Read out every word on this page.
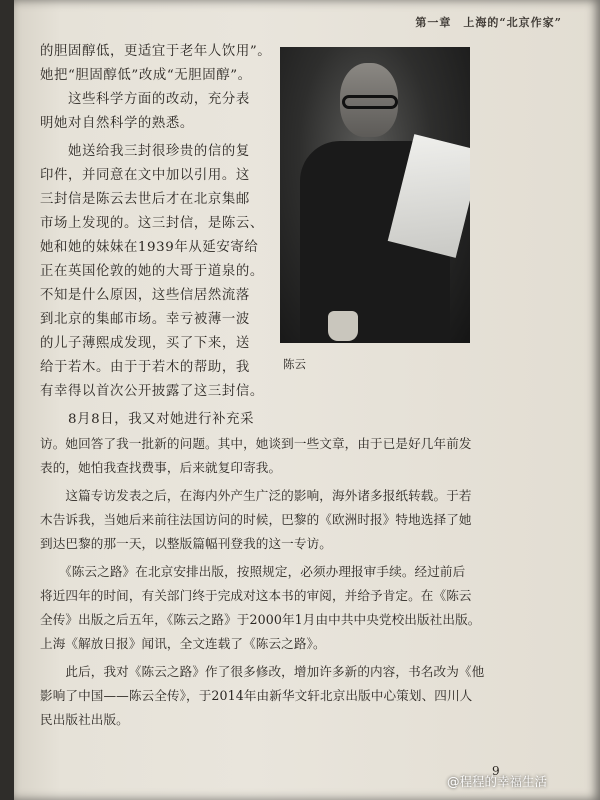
第一章　上海的“北京作家”
陈云
的胆固醇低，更适宜于老年人饮用”。
她把“胆固醇低”改成“无胆固醇”。
　　这些科学方面的改动，充分表
明她对自然科学的熟悉。
　　她送给我三封很珍贵的信的复
印件，并同意在文中加以引用。这
三封信是陈云去世后才在北京集邮
市场上发现的。这三封信，是陈云、
她和她的妹妹在1939年从延安寄给
正在英国伦敦的她的大哥于道泉的。
不知是什么原因，这些信居然流落
到北京的集邮市场。幸亏被薄一波
的儿子薄熙成发现，买了下来，送
给于若木。由于于若木的帮助，我
有幸得以首次公开披露了这三封信。
　　8月8日，我又对她进行补充采
访。她回答了我一批新的问题。其中，她谈到一些文章，由于已是好几年前发
表的，她怕我查找费事，后来就复印寄我。
　　这篇专访发表之后，在海内外产生广泛的影响，海外诸多报纸转载。于若
木告诉我，当她后来前往法国访问的时候，巴黎的《欧洲时报》特地选择了她
到达巴黎的那一天，以整版篇幅刊登我的这一专访。
　　《陈云之路》在北京安排出版，按照规定，必须办理报审手续。经过前后
将近四年的时间，有关部门终于完成对这本书的审阅，并给予肯定。在《陈云
全传》出版之后五年，《陈云之路》于2000年1月由中共中央党校出版社出版。
上海《解放日报》闻讯，全文连载了《陈云之路》。
　　此后，我对《陈云之路》作了很多修改，增加许多新的内容，书名改为《他
影响了中国——陈云全传》，于2014年由新华文轩北京出版中心策划、四川人
民出版社出版。
9
@程程的幸福生活
